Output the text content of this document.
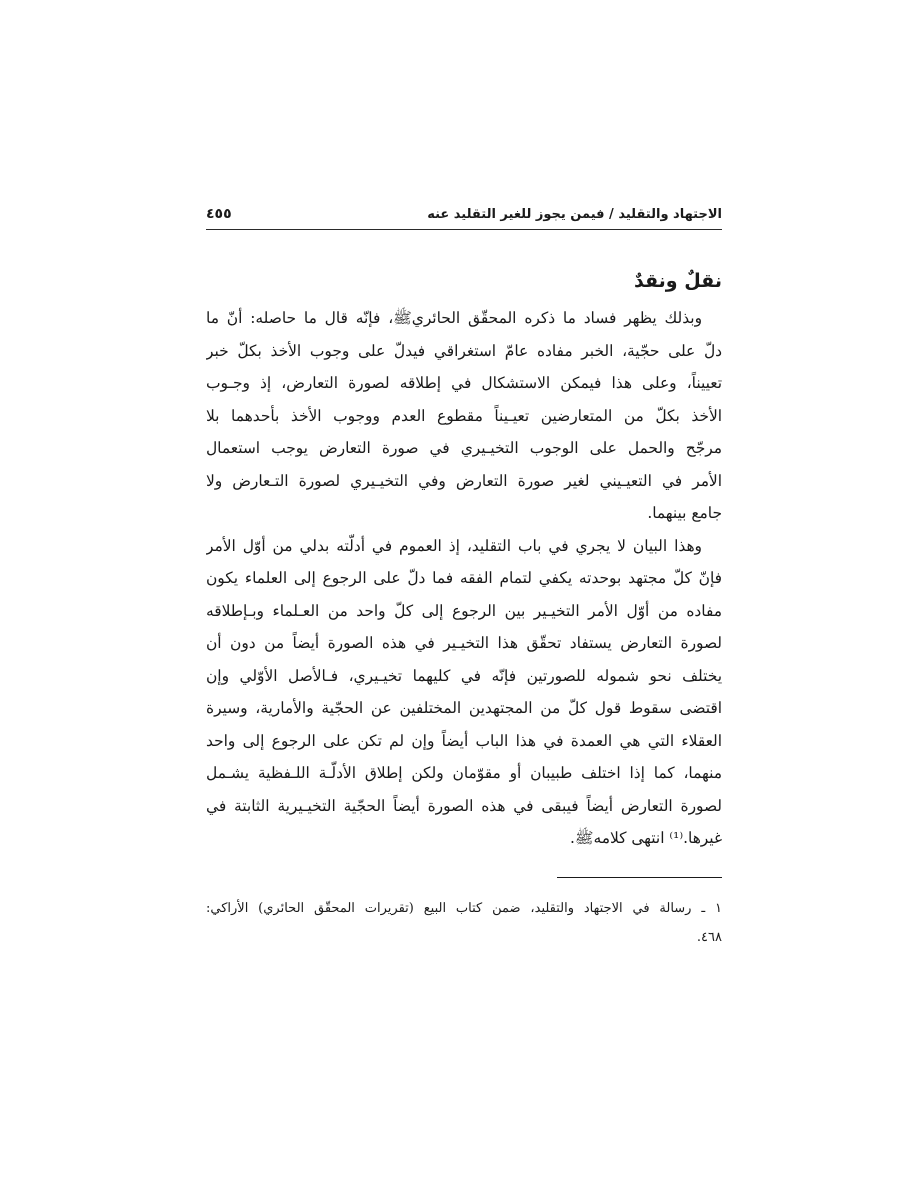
الاجتهاد والتقليد / فيمن يجوز للغير التقليد عنه
٤٥٥
نقلٌ ونقدٌ

وبذلك يظهر فساد ما ذكره المحقّق الحائريﷺ، فإنّه قال ما حاصله: أنّ ما
دلّ على حجّية، الخبر مفاده عامّ استغراقي فيدلّ على وجوب الأخذ بكلّ خبر
تعييناً، وعلى هذا فيمكن الاستشكال في إطلاقه لصورة التعارض، إذ وجـوب
الأخذ بكلّ من المتعارضين تعيـيناً مقطوع العدم ووجوب الأخذ بأحدهما بلا
مرجّح والحمل على الوجوب التخيـيري في صورة التعارض يوجب استعمال
الأمر في التعيـيني لغير صورة التعارض وفي التخيـيري لصورة التـعارض ولا
جامع بينهما.

وهذا البيان لا يجري في باب التقليد، إذ العموم في أدلّته بدلي من أوّل الأمر
فإنّ كلّ مجتهد بوحدته يكفي لتمام الفقه فما دلّ على الرجوع إلى العلماء يكون
مفاده من أوّل الأمر التخيـير بين الرجوع إلى كلّ واحد من العـلماء وبـإطلاقه
لصورة التعارض يستفاد تحقّق هذا التخيـير في هذه الصورة أيضاً من دون أن
يختلف نحو شموله للصورتين فإنّه في كليهما تخيـيري، فـالأصل الأوّلي وإن
اقتضى سقوط قول كلّ من المجتهدين المختلفين عن الحجّية والأمارية، وسيرة
العقلاء التي هي العمدة في هذا الباب أيضاً وإن لم تكن على الرجوع إلى واحد
منهما، كما إذا اختلف طبيبان أو مقوّمان ولكن إطلاق الأدلّـة اللـفظية يشـمل
لصورة التعارض أيضاً فيبقى في هذه الصورة أيضاً الحجّية التخيـيرية الثابتة في
غيرها.⁽¹⁾ انتهى كلامهﷺ.

١ ـ رسالة في الاجتهاد والتقليد، ضمن كتاب البيع (تقريرات المحقّق الحائري) الأراكي:
٤٦٨.
